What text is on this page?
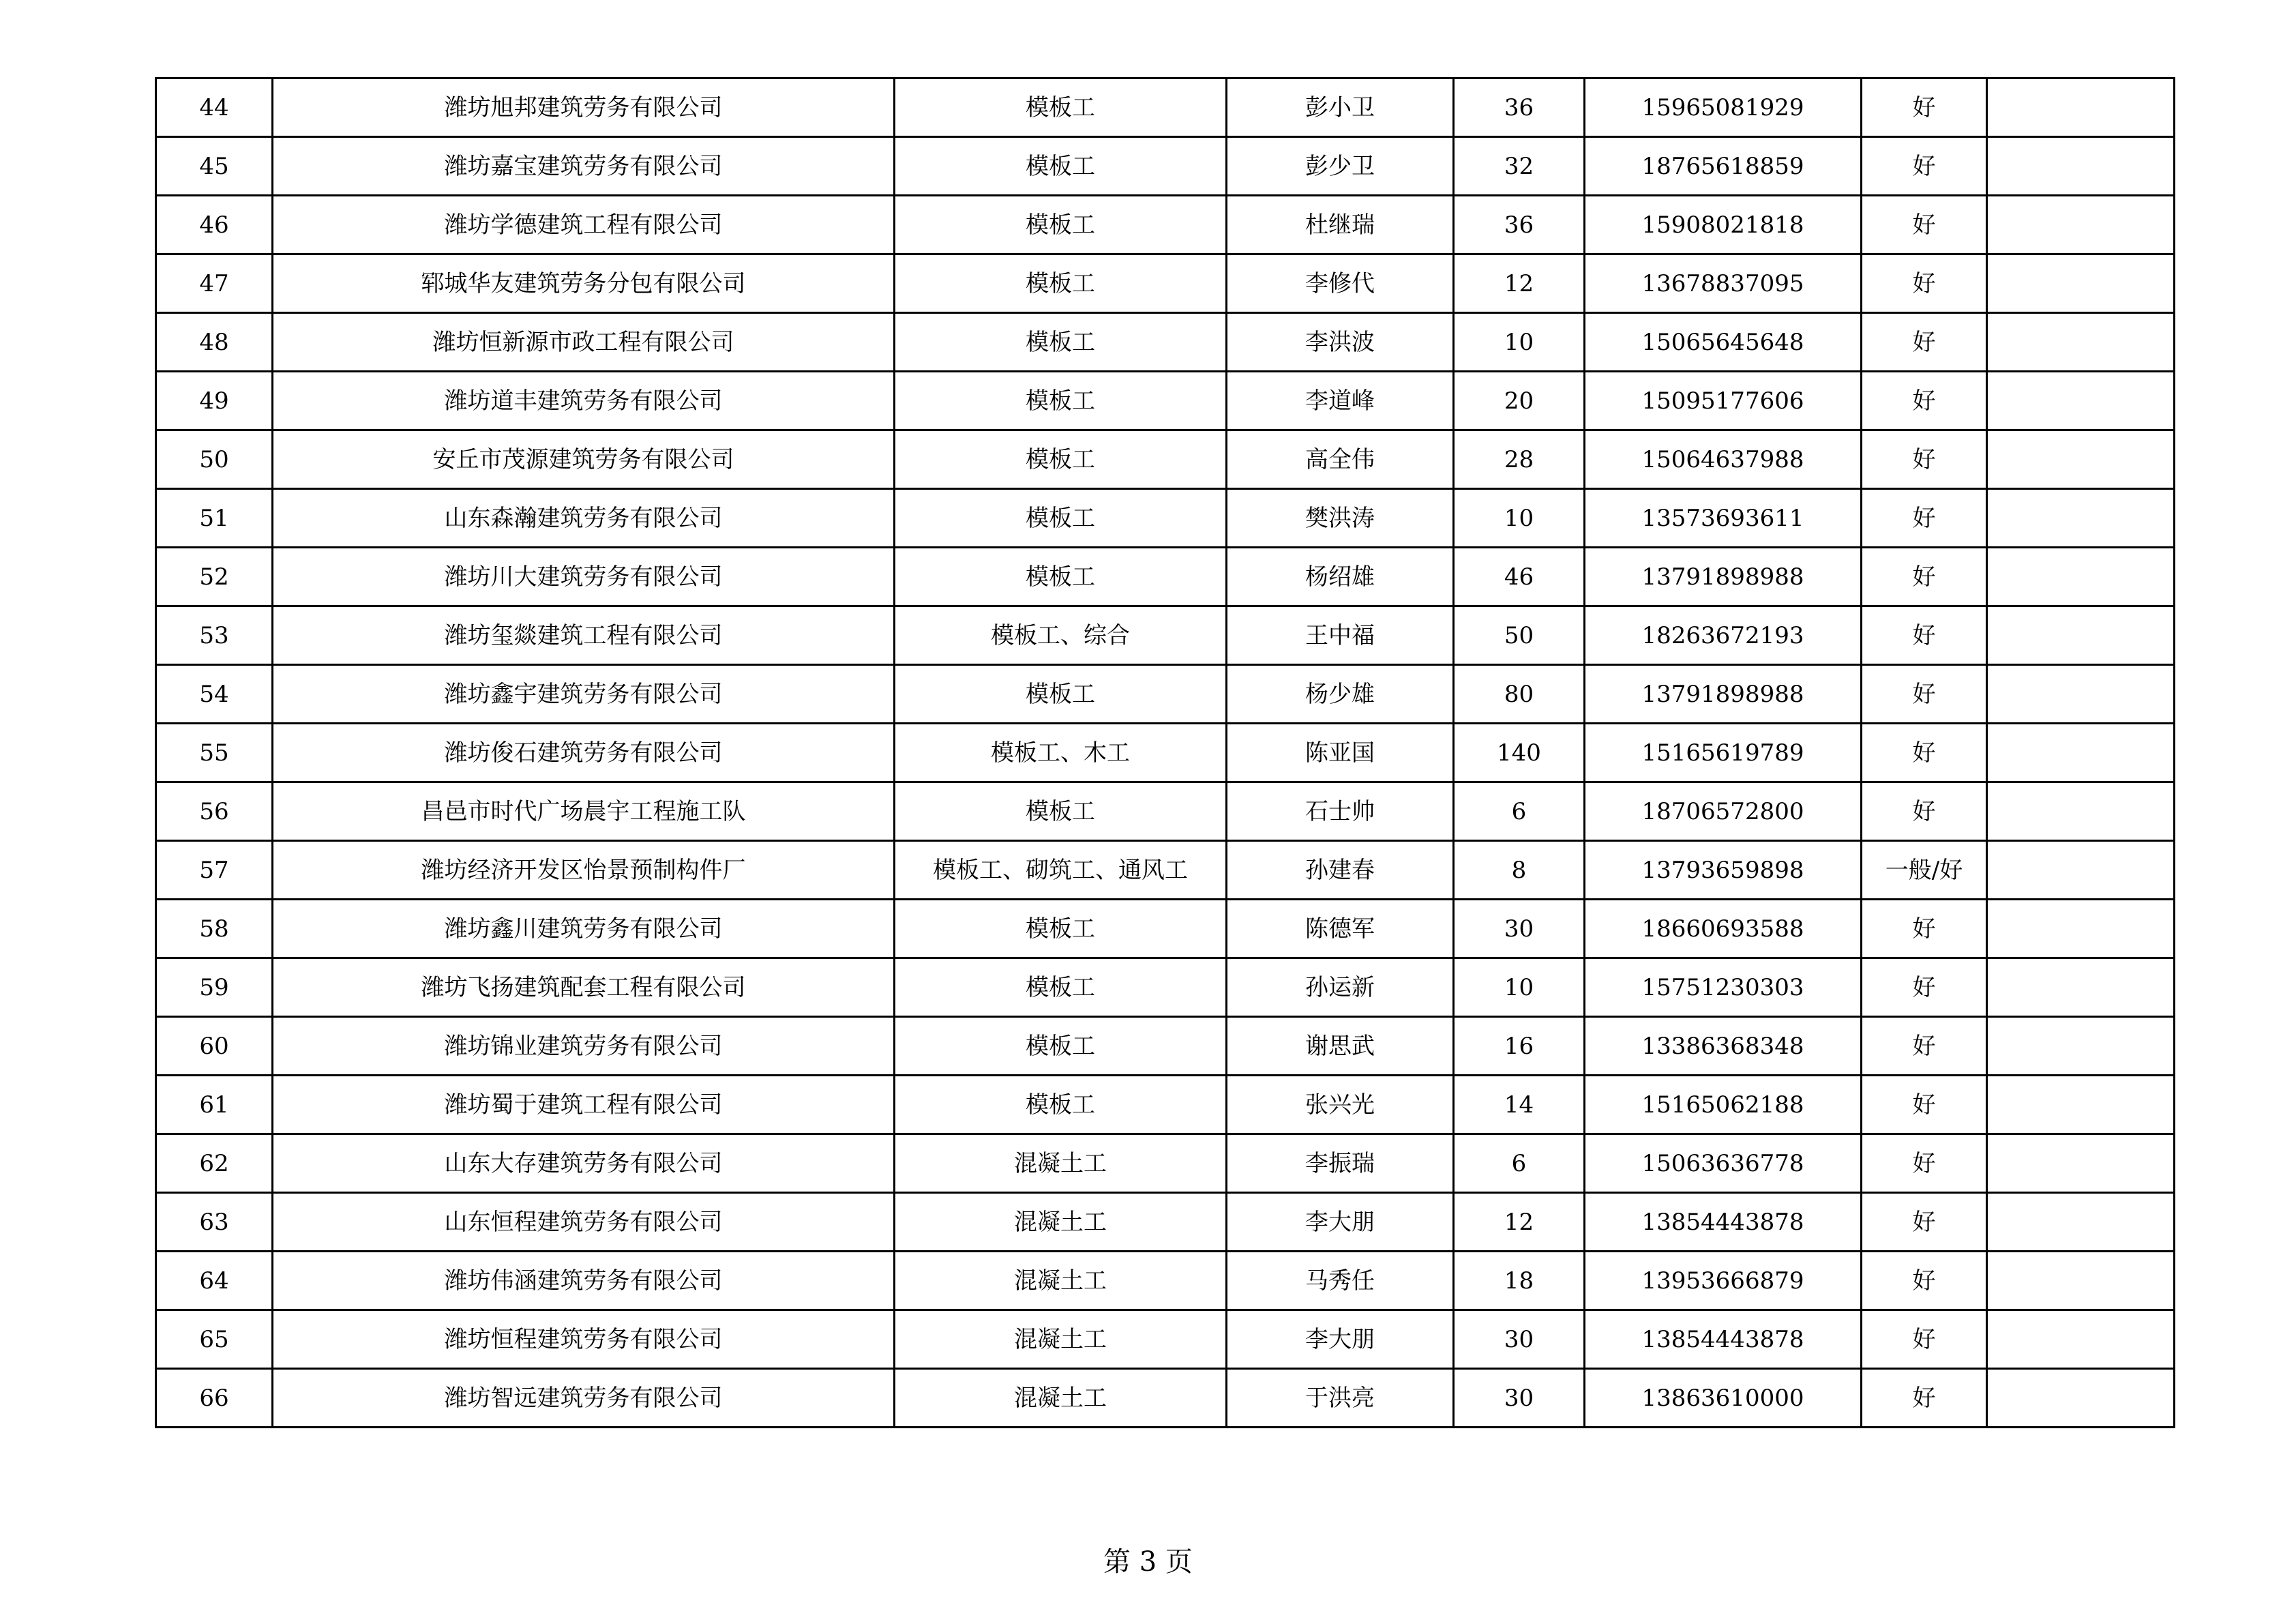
44	潍坊旭邦建筑劳务有限公司	模板工	彭小卫	36	15965081929	好	
45	潍坊嘉宝建筑劳务有限公司	模板工	彭少卫	32	18765618859	好	
46	潍坊学德建筑工程有限公司	模板工	杜继瑞	36	15908021818	好	
47	郓城华友建筑劳务分包有限公司	模板工	李修代	12	13678837095	好	
48	潍坊恒新源市政工程有限公司	模板工	李洪波	10	15065645648	好	
49	潍坊道丰建筑劳务有限公司	模板工	李道峰	20	15095177606	好	
50	安丘市茂源建筑劳务有限公司	模板工	高全伟	28	15064637988	好	
51	山东森瀚建筑劳务有限公司	模板工	樊洪涛	10	13573693611	好	
52	潍坊川大建筑劳务有限公司	模板工	杨绍雄	46	13791898988	好	
53	潍坊玺燚建筑工程有限公司	模板工、综合	王中福	50	18263672193	好	
54	潍坊鑫宇建筑劳务有限公司	模板工	杨少雄	80	13791898988	好	
55	潍坊俊石建筑劳务有限公司	模板工、木工	陈亚国	140	15165619789	好	
56	昌邑市时代广场晨宇工程施工队	模板工	石士帅	6	18706572800	好	
57	潍坊经济开发区怡景预制构件厂	模板工、砌筑工、通风工	孙建春	8	13793659898	一般/好	
58	潍坊鑫川建筑劳务有限公司	模板工	陈德军	30	18660693588	好	
59	潍坊飞扬建筑配套工程有限公司	模板工	孙运新	10	15751230303	好	
60	潍坊锦业建筑劳务有限公司	模板工	谢思武	16	13386368348	好	
61	潍坊蜀于建筑工程有限公司	模板工	张兴光	14	15165062188	好	
62	山东大存建筑劳务有限公司	混凝土工	李振瑞	6	15063636778	好	
63	山东恒程建筑劳务有限公司	混凝土工	李大朋	12	13854443878	好	
64	潍坊伟涵建筑劳务有限公司	混凝土工	马秀任	18	13953666879	好	
65	潍坊恒程建筑劳务有限公司	混凝土工	李大朋	30	13854443878	好	
66	潍坊智远建筑劳务有限公司	混凝土工	于洪亮	30	13863610000	好	
第 3 页
